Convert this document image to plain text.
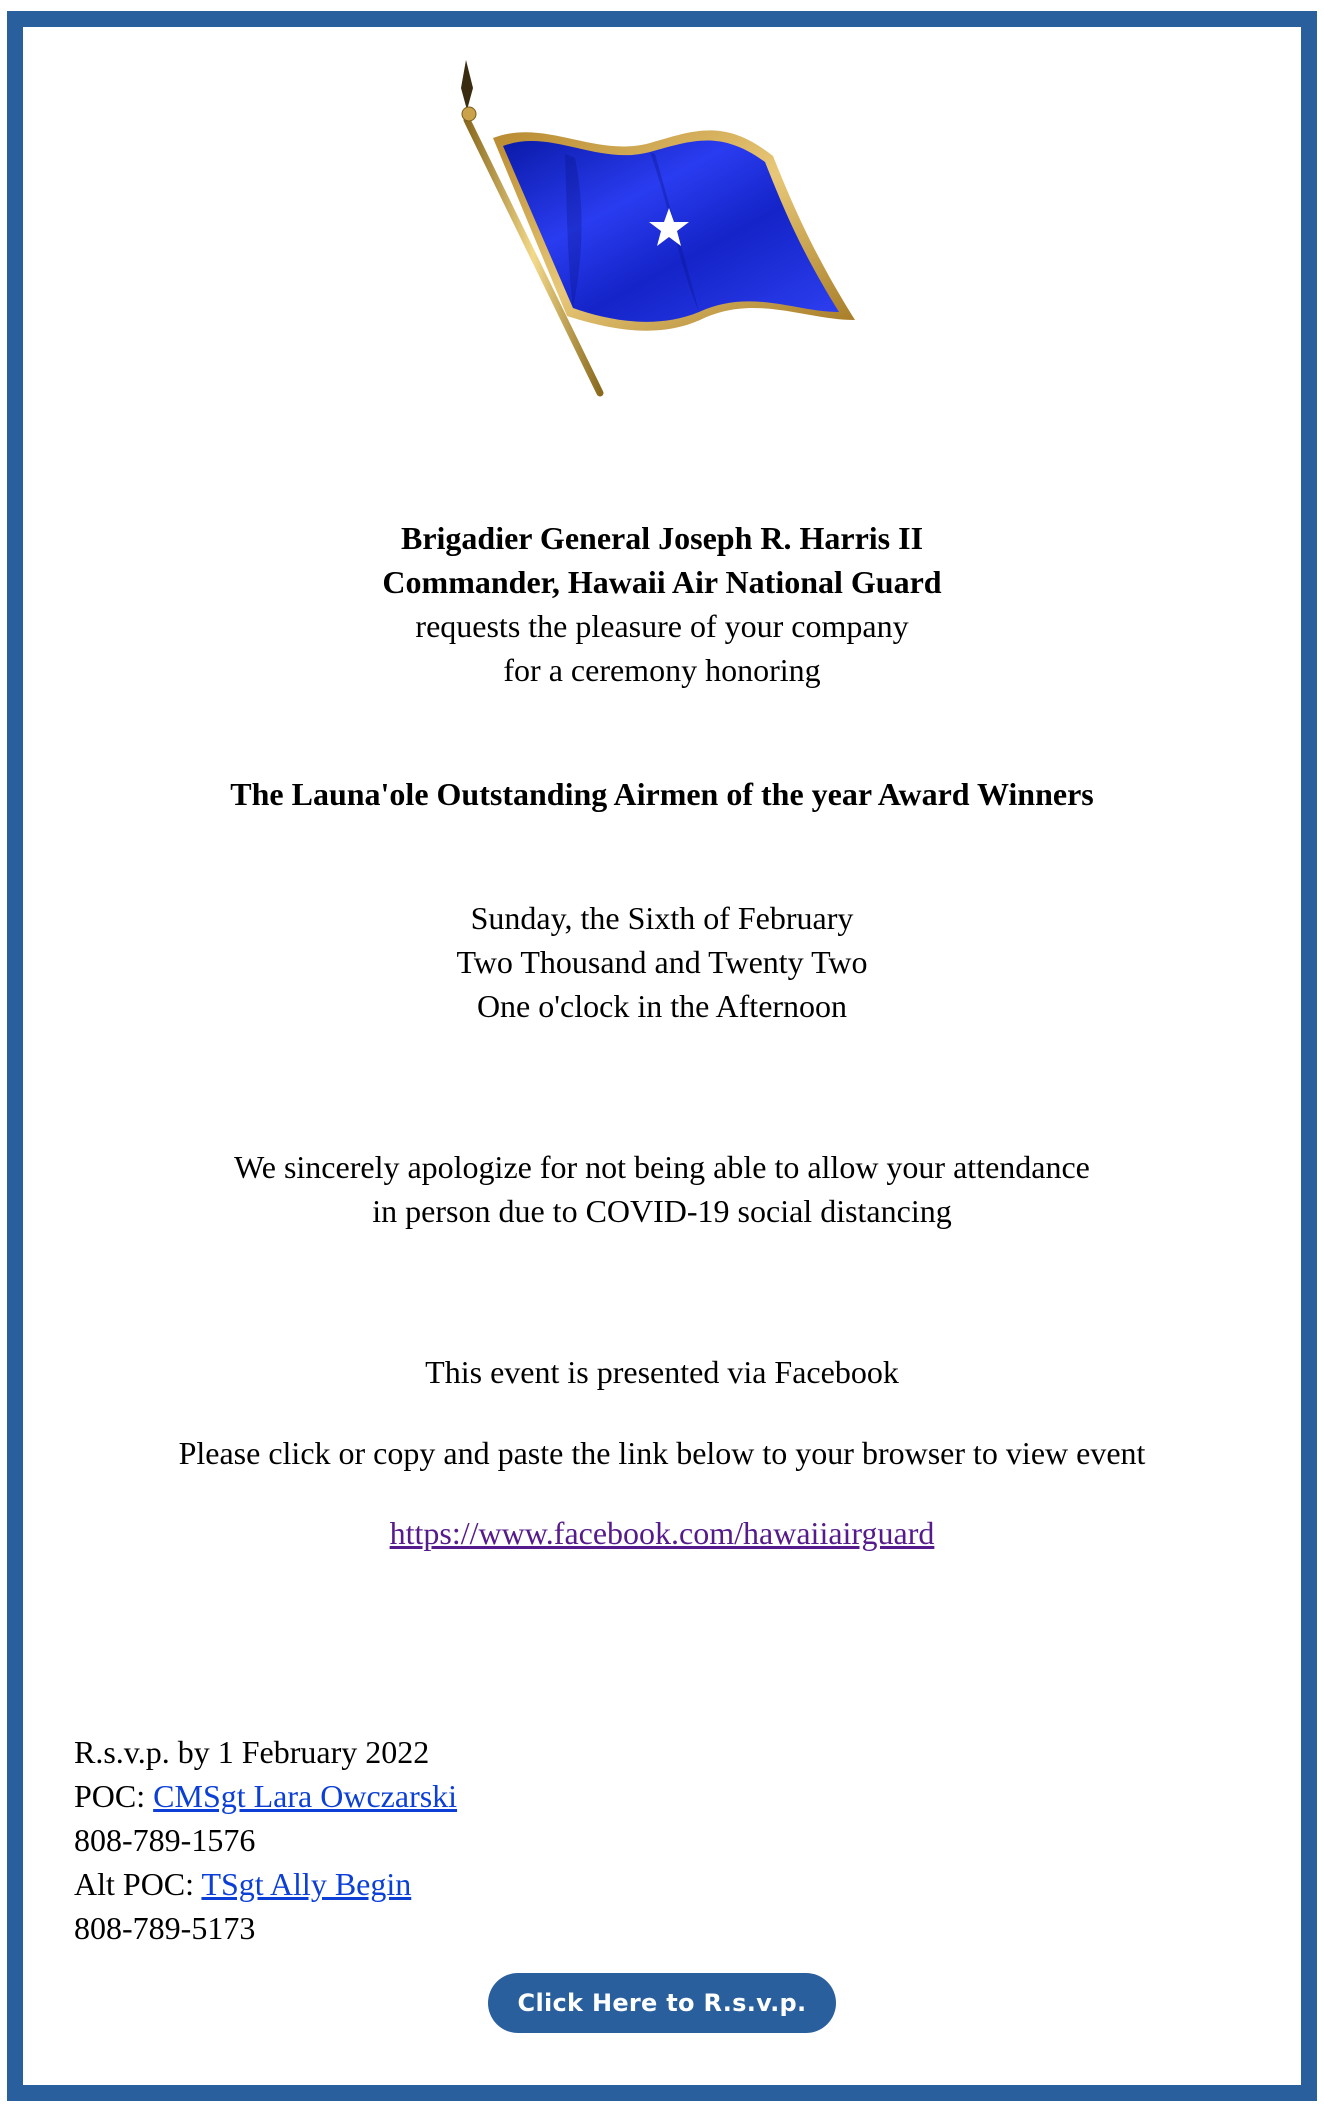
Brigadier General Joseph R. Harris II
Commander, Hawaii Air National Guard
requests the pleasure of your company
for a ceremony honoring
The Launa'ole Outstanding Airmen of the year Award Winners
Sunday, the Sixth of February
Two Thousand and Twenty Two
One o'clock in the Afternoon
We sincerely apologize for not being able to allow your attendance
in person due to COVID-19 social distancing
This event is presented via Facebook
Please click or copy and paste the link below to your browser to view event
https://www.facebook.com/hawaiiairguard
R.s.v.p. by 1 February 2022
POC: CMSgt Lara Owczarski
808-789-1576
Alt POC: TSgt Ally Begin
808-789-5173
Click Here to R.s.v.p.
